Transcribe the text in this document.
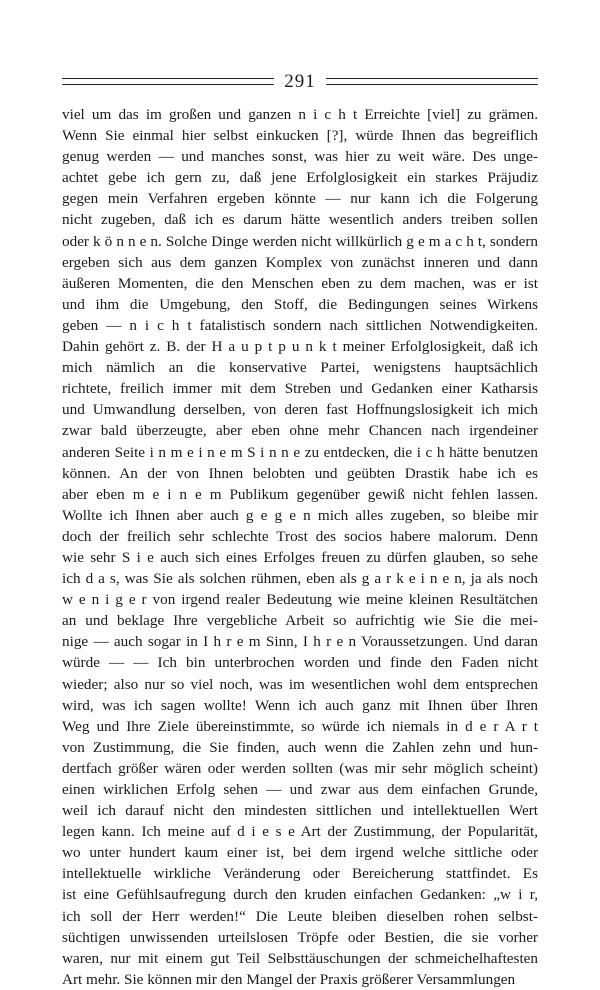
291
viel um das im großen und ganzen n i c h t Erreichte [viel] zu grämen.
Wenn Sie einmal hier selbst einkucken [?], würde Ihnen das begreiflich
genug werden — und manches sonst, was hier zu weit wäre. Des unge-
achtet gebe ich gern zu, daß jene Erfolglosigkeit ein starkes Präjudiz
gegen mein Verfahren ergeben könnte — nur kann ich die Folgerung
nicht zugeben, daß ich es darum hätte wesentlich anders treiben sollen
oder k ö n n e n. Solche Dinge werden nicht willkürlich g e m a c h t, sondern
ergeben sich aus dem ganzen Komplex von zunächst inneren und dann
äußeren Momenten, die den Menschen eben zu dem machen, was er ist
und ihm die Umgebung, den Stoff, die Bedingungen seines Wirkens
geben — n i c h t fatalistisch sondern nach sittlichen Notwendigkeiten.
Dahin gehört z. B. der H a u p t p u n k t meiner Erfolglosigkeit, daß ich
mich nämlich an die konservative Partei, wenigstens hauptsächlich
richtete, freilich immer mit dem Streben und Gedanken einer Katharsis
und Umwandlung derselben, von deren fast Hoffnungslosigkeit ich mich
zwar bald überzeugte, aber eben ohne mehr Chancen nach irgendeiner
anderen Seite i n m e i n e m S i n n e zu entdecken, die i c h hätte benutzen
können. An der von Ihnen belobten und geübten Drastik habe ich es
aber eben m e i n e m Publikum gegenüber gewiß nicht fehlen lassen.
Wollte ich Ihnen aber auch g e g e n mich alles zugeben, so bleibe mir
doch der freilich sehr schlechte Trost des socios habere malorum. Denn
wie sehr S i e auch sich eines Erfolges freuen zu dürfen glauben, so sehe
ich d a s, was Sie als solchen rühmen, eben als g a r k e i n e n, ja als noch
w e n i g e r von irgend realer Bedeutung wie meine kleinen Resultätchen
an und beklage Ihre vergebliche Arbeit so aufrichtig wie Sie die mei-
nige — auch sogar in I h r e m Sinn, I h r e n Voraussetzungen. Und daran
würde — — Ich bin unterbrochen worden und finde den Faden nicht
wieder; also nur so viel noch, was im wesentlichen wohl dem entsprechen
wird, was ich sagen wollte! Wenn ich auch ganz mit Ihnen über Ihren
Weg und Ihre Ziele übereinstimmte, so würde ich niemals in d e r A r t
von Zustimmung, die Sie finden, auch wenn die Zahlen zehn und hun-
dertfach größer wären oder werden sollten (was mir sehr möglich scheint)
einen wirklichen Erfolg sehen — und zwar aus dem einfachen Grunde,
weil ich darauf nicht den mindesten sittlichen und intellektuellen Wert
legen kann. Ich meine auf d i e s e Art der Zustimmung, der Popularität,
wo unter hundert kaum einer ist, bei dem irgend welche sittliche oder
intellektuelle wirkliche Veränderung oder Bereicherung stattfindet. Es
ist eine Gefühlsaufregung durch den kruden einfachen Gedanken: „w i r,
ich soll der Herr werden!“ Die Leute bleiben dieselben rohen selbst-
süchtigen unwissenden urteilslosen Tröpfe oder Bestien, die sie vorher
waren, nur mit einem gut Teil Selbsttäuschungen der schmeichelhaftesten
Art mehr. Sie können mir den Mangel der Praxis größerer Versammlungen
